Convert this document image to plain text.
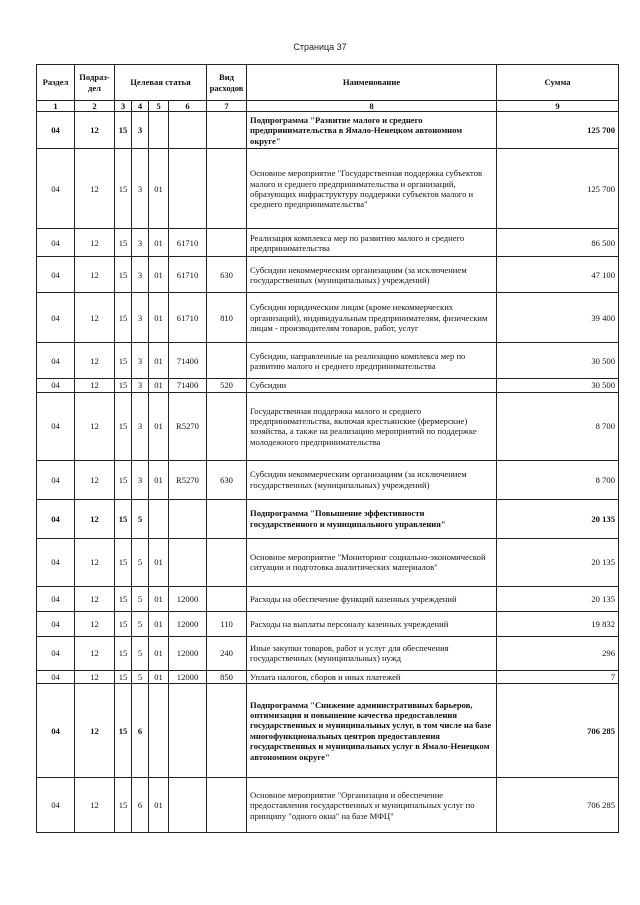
Страница 37
Раздел	Подраз-дел	Целевая статья				Вид расходов	Наименование	Сумма
1	2	3	4	5	6	7	8	9
04	12	15	3				Подпрограмма "Развитие малого и среднего предпринимательства в Ямало-Ненецком автономном округе"	125 700
04	12	15	3	01			Основное мероприятие "Государственная поддержка субъектов малого и среднего предпринимательства и организаций, образующих инфраструктуру поддержки субъектов малого и среднего предпринимательства"	125 700
04	12	15	3	01	61710		Реализация комплекса мер по развитию малого и среднего предпринимательства	86 500
04	12	15	3	01	61710	630	Субсидии некоммерческим организациям (за исключением государственных (муниципальных) учреждений)	47 100
04	12	15	3	01	61710	810	Субсидии юридическим лицам (кроме некоммерческих организаций), индивидуальным предпринимателям, физическим лицам - производителям товаров, работ, услуг	39 400
04	12	15	3	01	71400		Субсидии, направленные на реализацию комплекса мер по развитию малого и среднего предпринимательства	30 500
04	12	15	3	01	71400	520	Субсидии	30 500
04	12	15	3	01	R5270		Государственная поддержка малого и среднего предпринимательства, включая крестьянские (фермерские) хозяйства, а также на реализацию мероприятий по поддержке молодежного предпринимательства	8 700
04	12	15	3	01	R5270	630	Субсидии некоммерческим организациям (за исключением государственных (муниципальных) учреждений)	8 700
04	12	15	5				Подпрограмма "Повышение эффективности государственного и муниципального управления"	20 135
04	12	15	5	01			Основное мероприятие "Мониторинг социально-экономической ситуации и подготовка аналитических материалов"	20 135
04	12	15	5	01	12000		Расходы на обеспечение функций казенных учреждений	20 135
04	12	15	5	01	12000	110	Расходы на выплаты персоналу казенных учреждений	19 832
04	12	15	5	01	12000	240	Иные закупки товаров, работ и услуг для обеспечения государственных (муниципальных) нужд	296
04	12	15	5	01	12000	850	Уплата налогов, сборов и иных платежей	7
04	12	15	6				Подпрограмма "Снижение административных барьеров, оптимизация и повышение качества предоставления государственных и муниципальных услуг, в том числе на базе многофункциональных центров предоставления государственных и муниципальных услуг в Ямало-Ненецком автономном округе"	706 285
04	12	15	6	01			Основное мероприятие "Организация и обеспечение предоставления государственных и муниципальных услуг по принципу "одного окна" на базе МФЦ"	706 285
